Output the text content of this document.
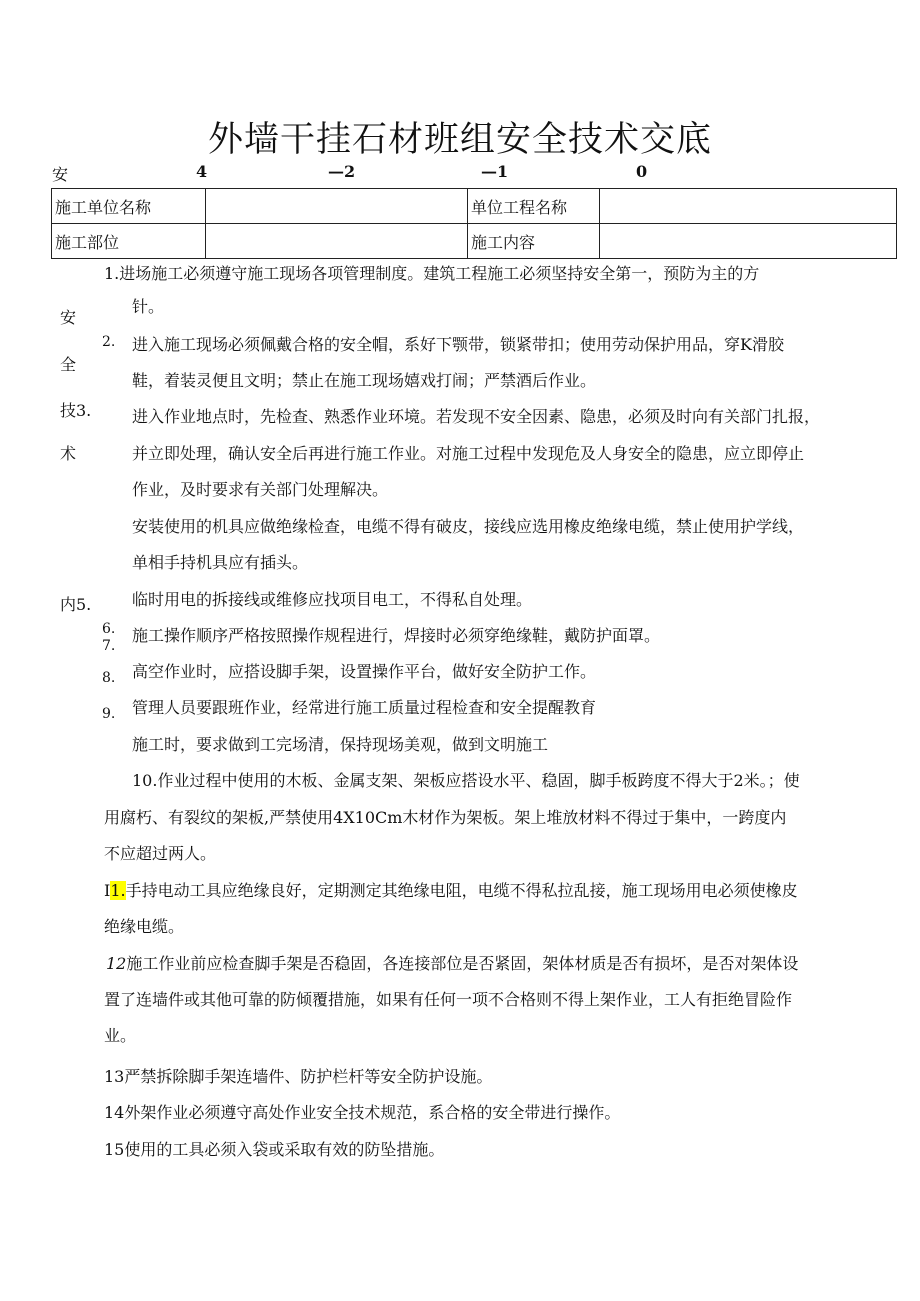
外墙干挂石材班组安全技术交底
安	4	—2	—1	0
施工单位名称		单位工程名称	
施工部位		施工内容	
安
全
技3.
术
内5.
2.
6.
7.
8.
9.
1.进场施工必须遵守施工现场各项管理制度。建筑工程施工必须坚持安全第一，预防为主的方
针。
进入施工现场必须佩戴合格的安全帽，系好下颚带，锁紧带扣；使用劳动保护用品，穿K滑胶
鞋，着装灵便且文明；禁止在施工现场嬉戏打闹；严禁酒后作业。
进入作业地点时，先检查、熟悉作业环境。若发现不安全因素、隐患，必须及时向有关部门扎报，
并立即处理，确认安全后再进行施工作业。对施工过程中发现危及人身安全的隐患，应立即停止
作业，及时要求有关部门处理解决。
安装使用的机具应做绝缘检查，电缆不得有破皮，接线应选用橡皮绝缘电缆，禁止使用护学线，
单相手持机具应有插头。
临时用电的拆接线或维修应找项目电工，不得私自处理。
施工操作顺序严格按照操作规程进行，焊接时必须穿绝缘鞋，戴防护面罩。
高空作业时，应搭设脚手架，设置操作平台，做好安全防护工作。
管理人员要跟班作业，经常进行施工质量过程检查和安全提醒教育
施工时，要求做到工完场清，保持现场美观，做到文明施工
10.作业过程中使用的木板、金属支架、架板应搭设水平、稳固，脚手板跨度不得大于2米。；使
用腐朽、有裂纹的架板,严禁使用4X10Cm木材作为架板。架上堆放材料不得过于集中，一跨度内
不应超过两人。
I1.手持电动工具应绝缘良好，定期测定其绝缘电阻，电缆不得私拉乱接，施工现场用电必须使橡皮
绝缘电缆。
12施工作业前应检查脚手架是否稳固，各连接部位是否紧固，架体材质是否有损坏，是否对架体设
置了连墙件或其他可靠的防倾覆措施，如果有任何一项不合格则不得上架作业，工人有拒绝冒险作
业。
13严禁拆除脚手架连墙件、防护栏杆等安全防护设施。
14外架作业必须遵守高处作业安全技术规范，系合格的安全带进行操作。
15使用的工具必须入袋或采取有效的防坠措施。
